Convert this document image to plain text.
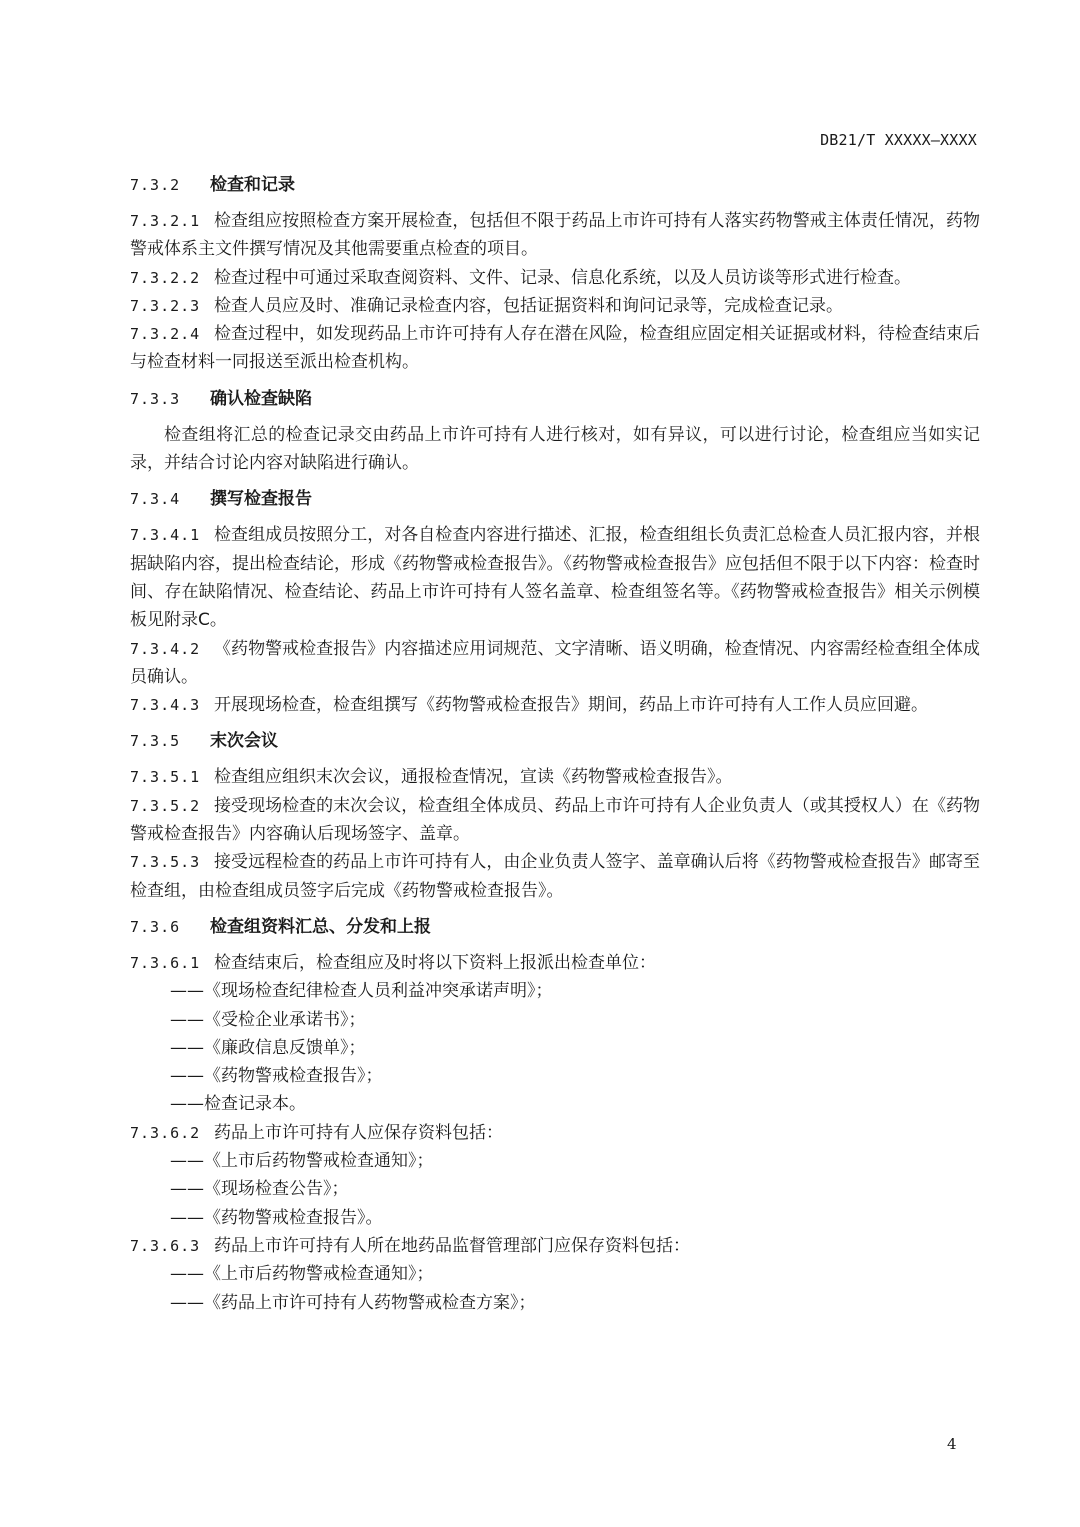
DB21/T XXXXX—XXXX
7.3.2 检查和记录
7.3.2.1 检查组应按照检查方案开展检查，包括但不限于药品上市许可持有人落实药物警戒主体责任情况，药物警戒体系主文件撰写情况及其他需要重点检查的项目。
7.3.2.2 检查过程中可通过采取查阅资料、文件、记录、信息化系统，以及人员访谈等形式进行检查。
7.3.2.3 检查人员应及时、准确记录检查内容，包括证据资料和询问记录等，完成检查记录。
7.3.2.4 检查过程中，如发现药品上市许可持有人存在潜在风险，检查组应固定相关证据或材料，待检查结束后与检查材料一同报送至派出检查机构。
7.3.3 确认检查缺陷
检查组将汇总的检查记录交由药品上市许可持有人进行核对，如有异议，可以进行讨论，检查组应当如实记录，并结合讨论内容对缺陷进行确认。
7.3.4 撰写检查报告
7.3.4.1 检查组成员按照分工，对各自检查内容进行描述、汇报，检查组组长负责汇总检查人员汇报内容，并根据缺陷内容，提出检查结论，形成《药物警戒检查报告》。《药物警戒检查报告》应包括但不限于以下内容：检查时间、存在缺陷情况、检查结论、药品上市许可持有人签名盖章、检查组签名等。《药物警戒检查报告》相关示例模板见附录C。
7.3.4.2 《药物警戒检查报告》内容描述应用词规范、文字清晰、语义明确，检查情况、内容需经检查组全体成员确认。
7.3.4.3 开展现场检查，检查组撰写《药物警戒检查报告》期间，药品上市许可持有人工作人员应回避。
7.3.5 末次会议
7.3.5.1 检查组应组织末次会议，通报检查情况，宣读《药物警戒检查报告》。
7.3.5.2 接受现场检查的末次会议，检查组全体成员、药品上市许可持有人企业负责人（或其授权人）在《药物警戒检查报告》内容确认后现场签字、盖章。
7.3.5.3 接受远程检查的药品上市许可持有人，由企业负责人签字、盖章确认后将《药物警戒检查报告》邮寄至检查组，由检查组成员签字后完成《药物警戒检查报告》。
7.3.6 检查组资料汇总、分发和上报
7.3.6.1 检查结束后，检查组应及时将以下资料上报派出检查单位：
——《现场检查纪律检查人员利益冲突承诺声明》；
——《受检企业承诺书》；
——《廉政信息反馈单》；
——《药物警戒检查报告》；
——检查记录本。
7.3.6.2 药品上市许可持有人应保存资料包括：
——《上市后药物警戒检查通知》；
——《现场检查公告》；
——《药物警戒检查报告》。
7.3.6.3 药品上市许可持有人所在地药品监督管理部门应保存资料包括：
——《上市后药物警戒检查通知》；
——《药品上市许可持有人药物警戒检查方案》；
4
